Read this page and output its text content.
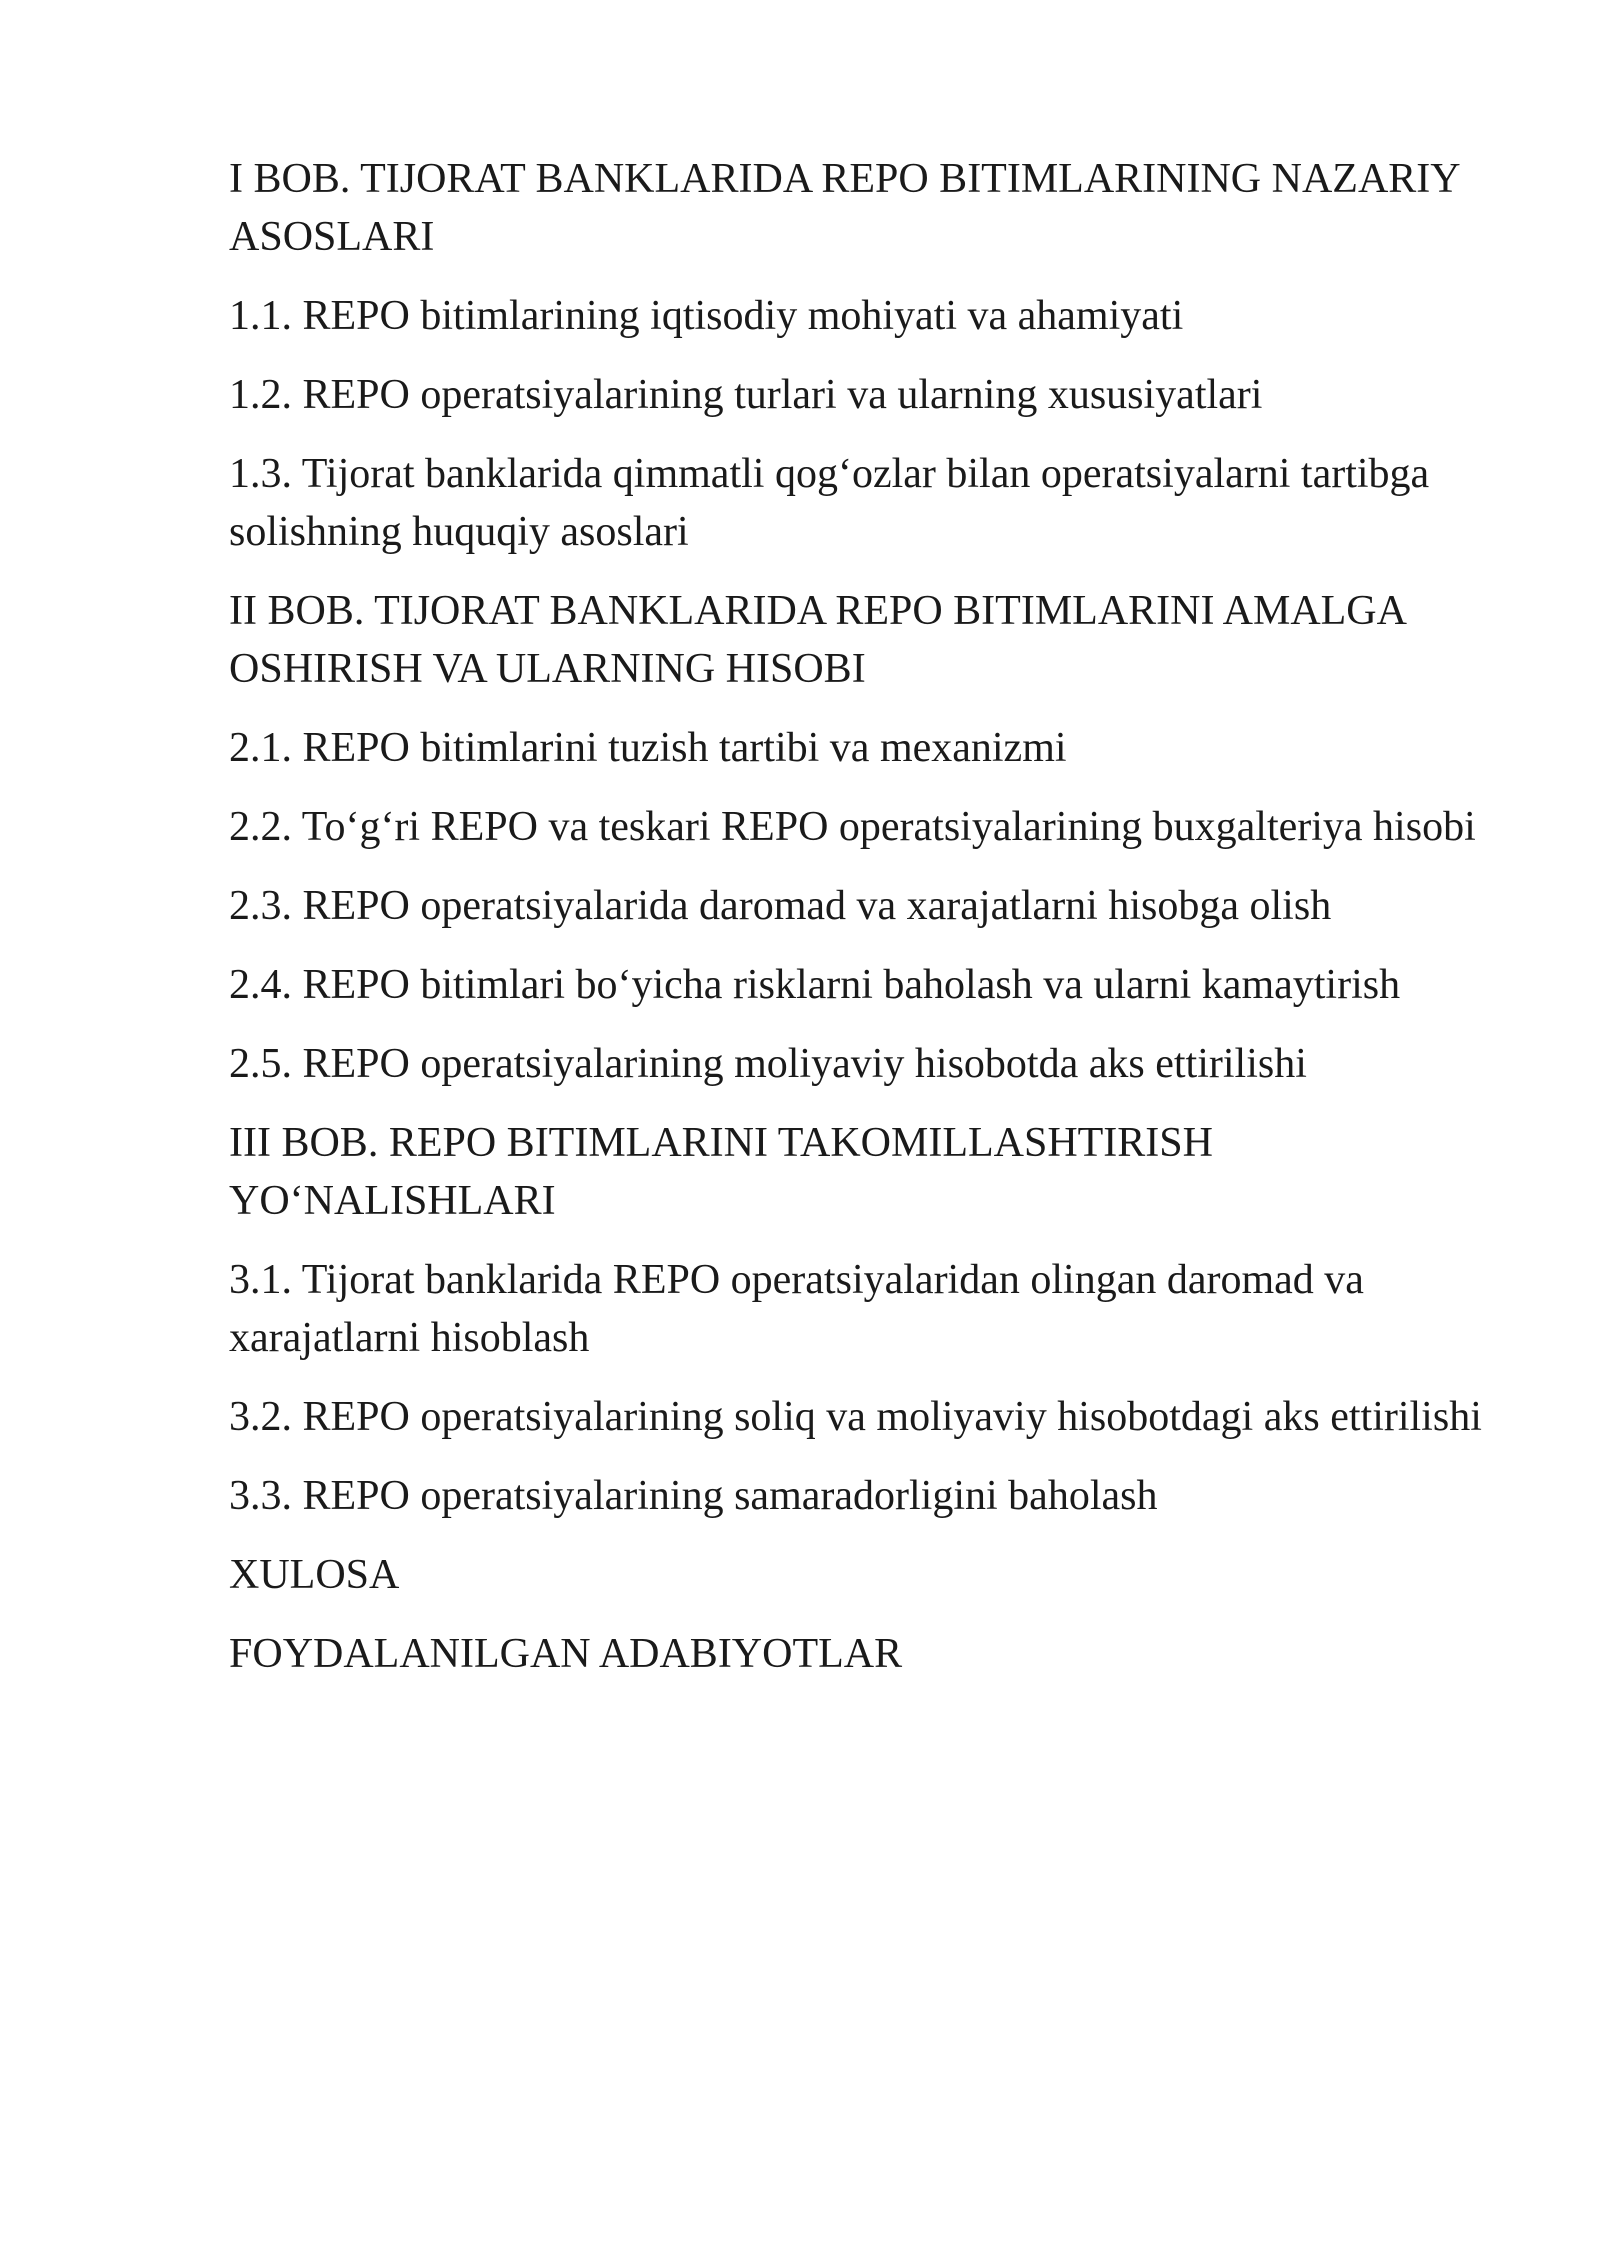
I BOB. TIJORAT BANKLARIDA REPO BITIMLARINING NAZARIY ASOSLARI
1.1. REPO bitimlarining iqtisodiy mohiyati va ahamiyati
1.2. REPO operatsiyalarining turlari va ularning xususiyatlari
1.3. Tijorat banklarida qimmatli qog‘ozlar bilan operatsiyalarni tartibga solishning huquqiy asoslari
II BOB. TIJORAT BANKLARIDA REPO BITIMLARINI AMALGA OSHIRISH VA ULARNING HISOBI
2.1. REPO bitimlarini tuzish tartibi va mexanizmi
2.2. To‘g‘ri REPO va teskari REPO operatsiyalarining buxgalteriya hisobi
2.3. REPO operatsiyalarida daromad va xarajatlarni hisobga olish
2.4. REPO bitimlari bo‘yicha risklarni baholash va ularni kamaytirish
2.5. REPO operatsiyalarining moliyaviy hisobotda aks ettirilishi
III BOB. REPO BITIMLARINI TAKOMILLASHTIRISH YO‘NALISHLARI
3.1. Tijorat banklarida REPO operatsiyalaridan olingan daromad va xarajatlarni hisoblash
3.2. REPO operatsiyalarining soliq va moliyaviy hisobotdagi aks ettirilishi
3.3. REPO operatsiyalarining samaradorligini baholash
XULOSA
FOYDALANILGAN ADABIYOTLAR
